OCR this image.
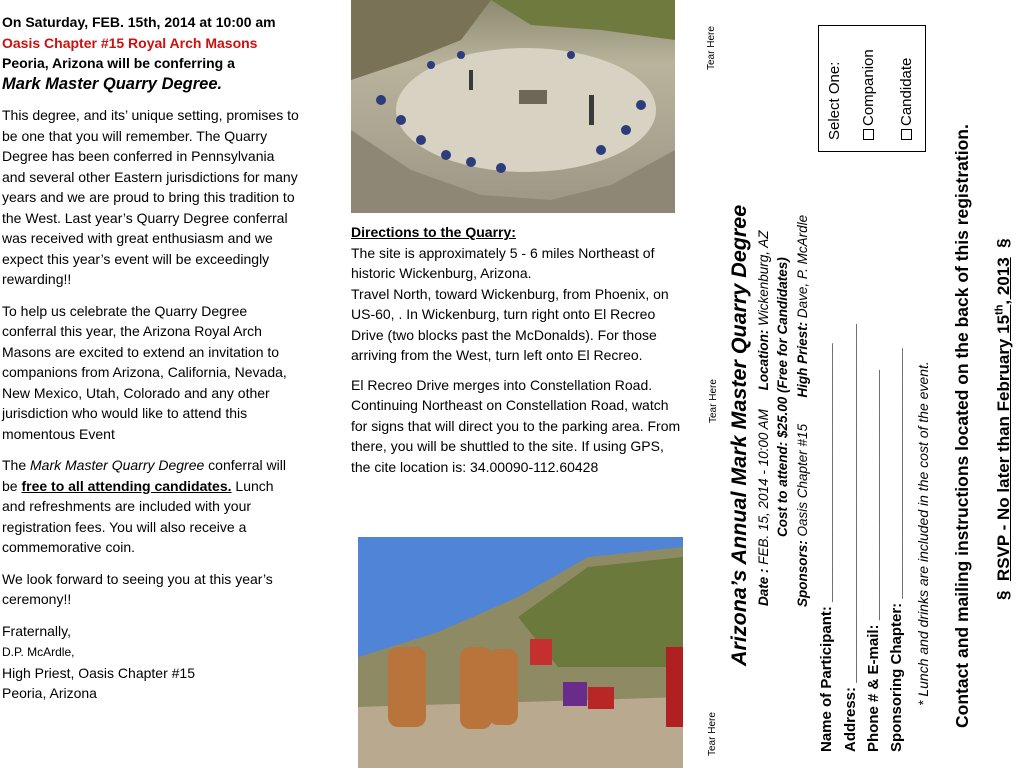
On Saturday, FEB. 15th, 2014 at 10:00 am
Oasis Chapter #15 Royal Arch Masons
Peoria, Arizona will be conferring a
Mark Master Quarry Degree.

This degree, and its’ unique setting, promises to be one that you will remember. The Quarry Degree has been conferred in Pennsylvania and several other Eastern jurisdictions for many years and we are proud to bring this tradition to the West. Last year’s Quarry Degree conferral was received with great enthusiasm and we expect this year’s event will be exceedingly rewarding!!

To help us celebrate the Quarry Degree conferral this year, the Arizona Royal Arch Masons are excited to extend an invitation to companions from Arizona, California, Nevada, New Mexico, Utah, Colorado and any other jurisdiction who would like to attend this momentous Event

The Mark Master Quarry Degree conferral will be free to all attending candidates. Lunch and refreshments are included with your registration fees. You will also receive a commemorative coin.

We look forward to seeing you at this year’s ceremony!!

Fraternally,
D.P. McArdle,
High Priest, Oasis Chapter #15
Peoria, Arizona

Directions to the Quarry:

The site is approximately 5 - 6 miles Northeast of historic Wickenburg, Arizona.

Travel North, toward Wickenburg, from Phoenix, on US-60, . In Wickenburg, turn right onto El Recreo Drive (two blocks past the McDonalds). For those arriving from the West, turn left onto El Recreo.

El Recreo Drive merges into Constellation Road. Continuing Northeast on Constellation Road, watch for signs that will direct you to the parking area. From there, you will be shuttled to the site. If using GPS, the cite location is: 34.00090-112.60428

Tear Here
Tear Here
Tear Here
Arizona’s Annual Mark Master Quarry Degree Date : FEB. 15, 2014 - 10:00 AM     Location: Wickenburg, AZ Cost to attend: $25.00 (Free for Candidates)
Sponsors: Oasis Chapter #15       High Priest: Dave, P. McArdle
Name of Participant: _______________________________
Address: ___________________________________________
Phone # & E-mail: ______________________________
Sponsoring Chapter: ______________________________ * Lunch and drinks are included in the cost of the event. Contact and mailing instructions located on the back of this registration. §  RSVP - No later than February 15th, 2013  §
Select One: Companion Candidate
